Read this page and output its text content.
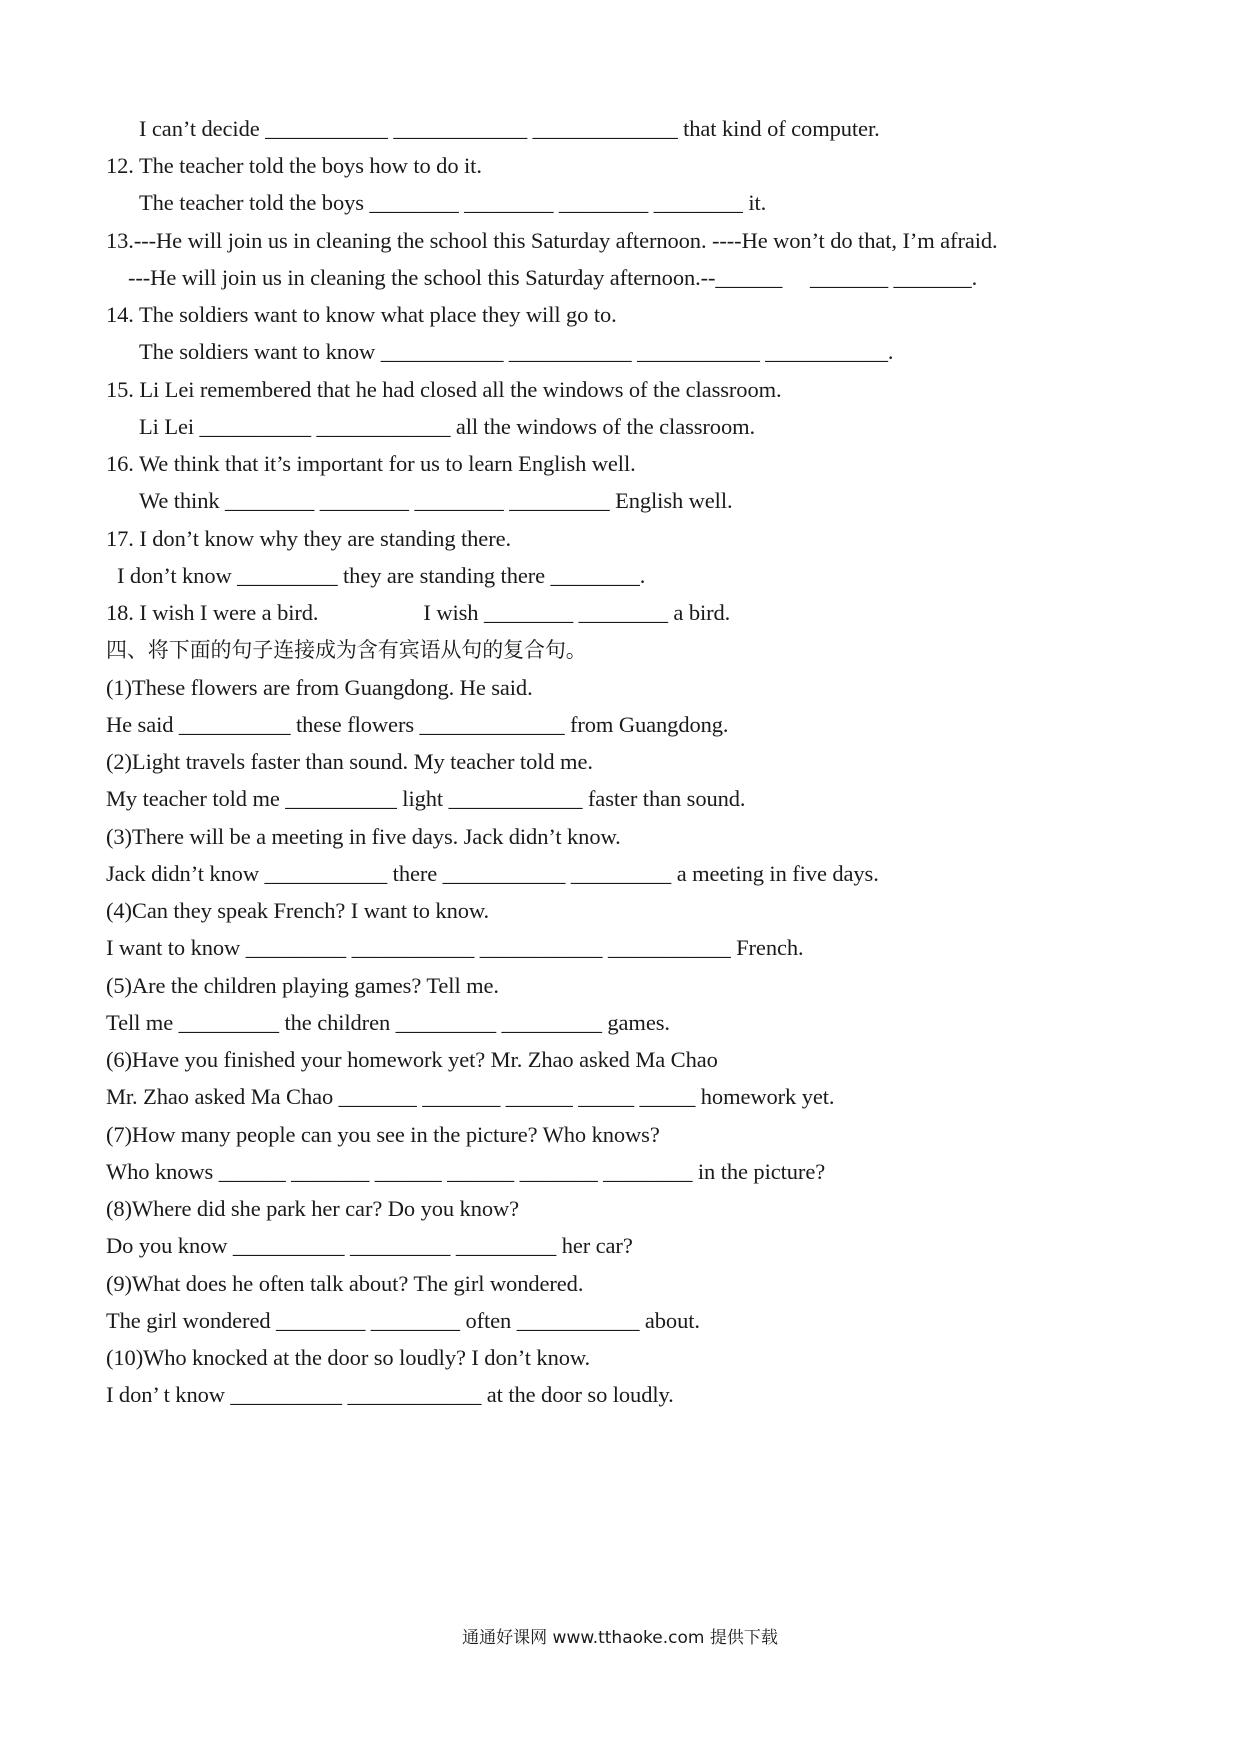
I can’t decide ___________ ____________ _____________ that kind of computer.
12. The teacher told the boys how to do it.
The teacher told the boys ________ ________ ________ ________ it.
13.---He will join us in cleaning the school this Saturday afternoon. ----He won’t do that, I’m afraid.
---He will join us in cleaning the school this Saturday afternoon.--______     _______ _______.
14. The soldiers want to know what place they will go to.
The soldiers want to know ___________ ___________ ___________ ___________.
15. Li Lei remembered that he had closed all the windows of the classroom.
Li Lei __________ ____________ all the windows of the classroom.
16. We think that it’s important for us to learn English well.
We think ________ ________ ________ _________ English well.
17. I don’t know why they are standing there.
I don’t know _________ they are standing there ________.
18. I wish I were a bird.                   I wish ________ ________ a bird.
四、将下面的句子连接成为含有宾语从句的复合句。
(1)These flowers are from Guangdong. He said.
He said __________ these flowers _____________ from Guangdong.
(2)Light travels faster than sound. My teacher told me.
My teacher told me __________ light ____________ faster than sound.
(3)There will be a meeting in five days. Jack didn’t know.
Jack didn’t know ___________ there ___________ _________ a meeting in five days.
(4)Can they speak French? I want to know.
I want to know _________ ___________ ___________ ___________ French.
(5)Are the children playing games? Tell me.
Tell me _________ the children _________ _________ games.
(6)Have you finished your homework yet? Mr. Zhao asked Ma Chao
Mr. Zhao asked Ma Chao _______ _______ ______ _____ _____ homework yet.
(7)How many people can you see in the picture? Who knows?
Who knows ______ _______ ______ ______ _______ ________ in the picture?
(8)Where did she park her car? Do you know?
Do you know __________ _________ _________ her car?
(9)What does he often talk about? The girl wondered.
The girl wondered ________ ________ often ___________ about.
(10)Who knocked at the door so loudly? I don’t know.
I don’ t know __________ ____________ at the door so loudly.
通通好课网 www.tthaoke.com 提供下载
